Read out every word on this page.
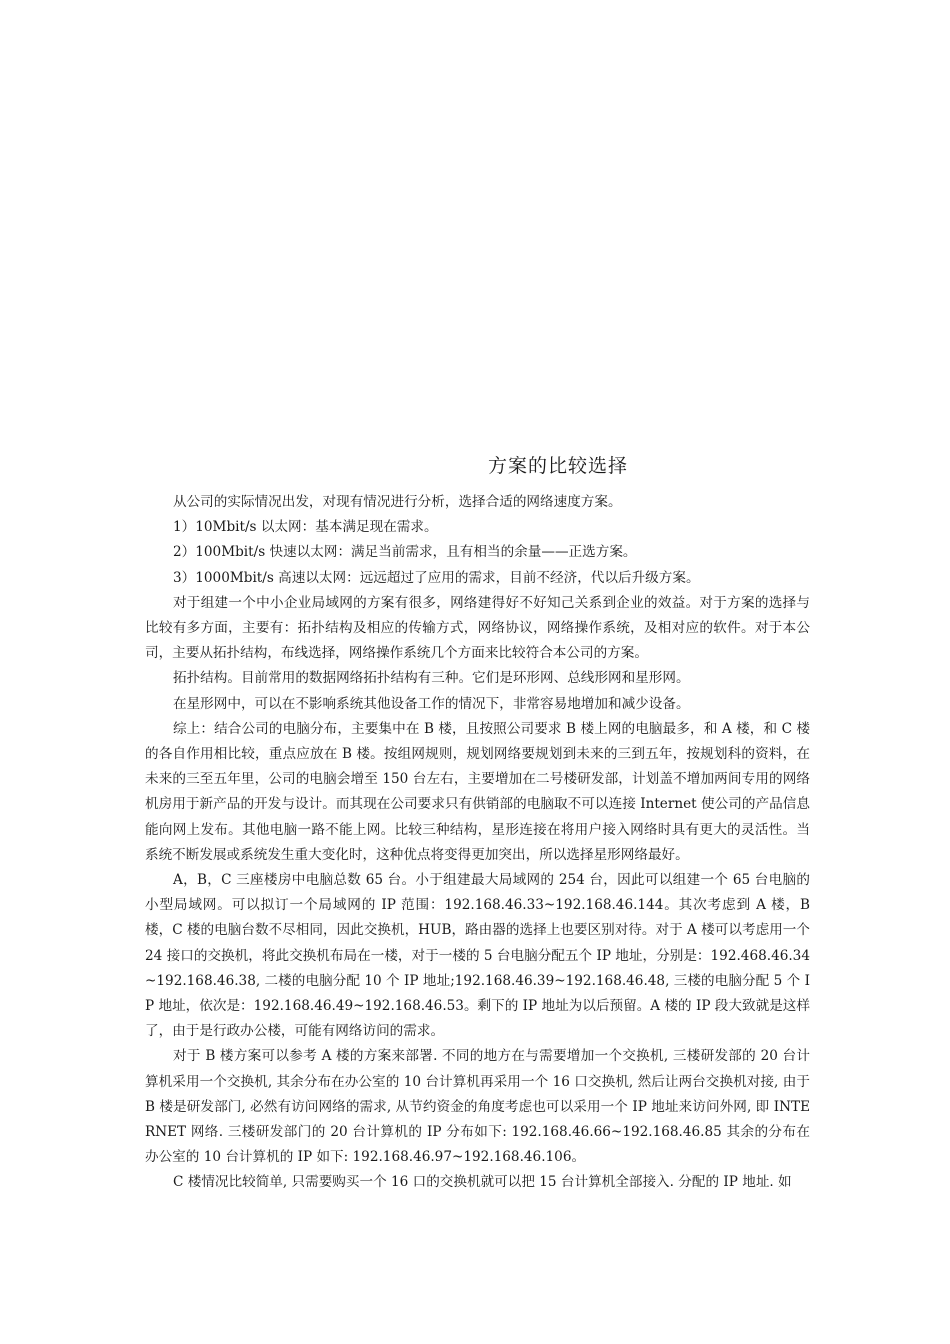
方案的比较选择

从公司的实际情况出发，对现有情况进行分析，选择合适的网络速度方案。

1）10Mbit/s 以太网：基本满足现在需求。

2）100Mbit/s 快速以太网：满足当前需求，且有相当的余量——正选方案。

3）1000Mbit/s 高速以太网：远远超过了应用的需求，目前不经济，代以后升级方案。

对于组建一个中小企业局域网的方案有很多，网络建得好不好知己关系到企业的效益。对于方案的选择与比较有多方面，主要有：拓扑结构及相应的传输方式，网络协议，网络操作系统，及相对应的软件。对于本公司，主要从拓扑结构，布线选择，网络操作系统几个方面来比较符合本公司的方案。

拓扑结构。目前常用的数据网络拓扑结构有三种。它们是环形网、总线形网和星形网。

在星形网中，可以在不影响系统其他设备工作的情况下，非常容易地增加和减少设备。

综上：结合公司的电脑分布，主要集中在 B 楼，且按照公司要求 B 楼上网的电脑最多，和 A 楼，和 C 楼的各自作用相比较，重点应放在 B 楼。按组网规则，规划网络要规划到未来的三到五年，按规划科的资料，在未来的三至五年里，公司的电脑会增至 150 台左右，主要增加在二号楼研发部，计划盖不增加两间专用的网络机房用于新产品的开发与设计。而其现在公司要求只有供销部的电脑取不可以连接 Internet 使公司的产品信息能向网上发布。其他电脑一路不能上网。比较三种结构，星形连接在将用户接入网络时具有更大的灵活性。当系统不断发展或系统发生重大变化时，这种优点将变得更加突出，所以选择星形网络最好。

A，B，C 三座楼房中电脑总数 65 台。小于组建最大局域网的 254 台，因此可以组建一个 65 台电脑的小型局域网。可以拟订一个局域网的 IP 范围：192.168.46.33~192.168.46.144。其次考虑到 A 楼，B 楼，C 楼的电脑台数不尽相同，因此交换机，HUB，路由器的选择上也要区别对待。对于 A 楼可以考虑用一个 24 接口的交换机，将此交换机布局在一楼，对于一楼的 5 台电脑分配五个 IP 地址，分别是：192.468.46.34 ~192.168.46.38, 二楼的电脑分配 10 个 IP 地址;192.168.46.39~192.168.46.48, 三楼的电脑分配 5 个 IP 地址，依次是：192.168.46.49~192.168.46.53。剩下的 IP 地址为以后预留。A 楼的 IP 段大致就是这样了，由于是行政办公楼，可能有网络访问的需求。

对于 B 楼方案可以参考 A 楼的方案来部署. 不同的地方在与需要增加一个交换机, 三楼研发部的 20 台计算机采用一个交换机, 其余分布在办公室的 10 台计算机再采用一个 16 口交换机, 然后让两台交换机对接, 由于 B 楼是研发部门, 必然有访问网络的需求, 从节约资金的角度考虑也可以采用一个 IP 地址来访问外网, 即 INTERNET 网络. 三楼研发部门的 20 台计算机的 IP 分布如下: 192.168.46.66~192.168.46.85 其余的分布在办公室的 10 台计算机的 IP 如下: 192.168.46.97~192.168.46.106。

C 楼情况比较简单, 只需要购买一个 16 口的交换机就可以把 15 台计算机全部接入. 分配的 IP 地址. 如
